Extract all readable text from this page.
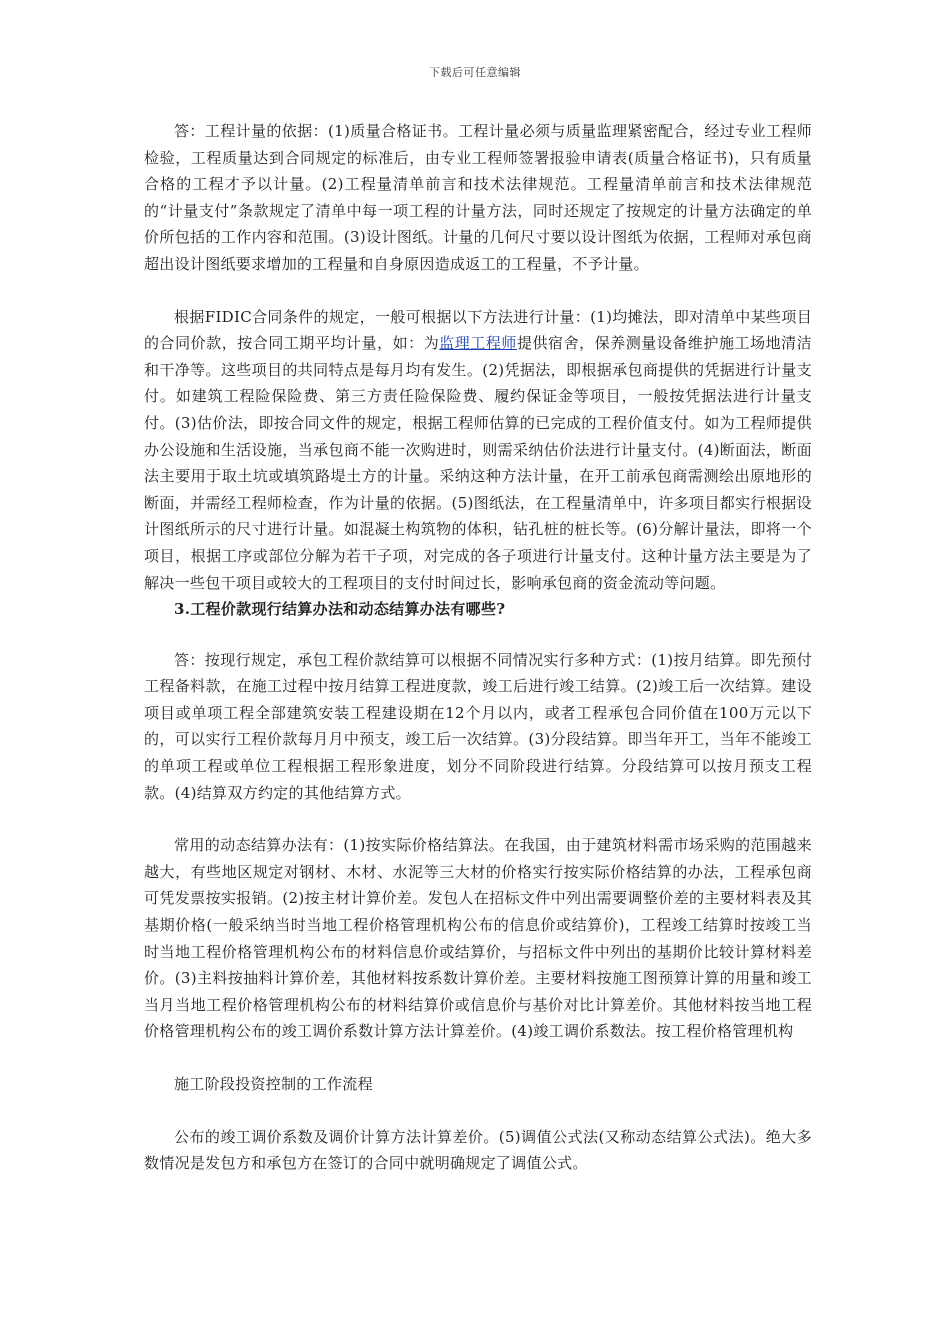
下载后可任意编辑

答：工程计量的依据：(1)质量合格证书。工程计量必须与质量监理紧密配合，经过专业工程师检验，工程质量达到合同规定的标准后，由专业工程师签署报验申请表(质量合格证书)，只有质量合格的工程才予以计量。(2)工程量清单前言和技术法律规范。工程量清单前言和技术法律规范的“计量支付”条款规定了清单中每一项工程的计量方法，同时还规定了按规定的计量方法确定的单价所包括的工作内容和范围。(3)设计图纸。计量的几何尺寸要以设计图纸为依据，工程师对承包商超出设计图纸要求增加的工程量和自身原因造成返工的工程量，不予计量。

根据FIDIC合同条件的规定，一般可根据以下方法进行计量：(1)均摊法，即对清单中某些项目的合同价款，按合同工期平均计量，如：为监理工程师提供宿舍，保养测量设备维护施工场地清洁和干净等。这些项目的共同特点是每月均有发生。(2)凭据法，即根据承包商提供的凭据进行计量支付。如建筑工程险保险费、第三方责任险保险费、履约保证金等项目，一般按凭据法进行计量支付。(3)估价法，即按合同文件的规定，根据工程师估算的已完成的工程价值支付。如为工程师提供办公设施和生活设施，当承包商不能一次购进时，则需采纳估价法进行计量支付。(4)断面法，断面法主要用于取土坑或填筑路堤土方的计量。采纳这种方法计量，在开工前承包商需测绘出原地形的断面，并需经工程师检查，作为计量的依据。(5)图纸法，在工程量清单中，许多项目都实行根据设计图纸所示的尺寸进行计量。如混凝土构筑物的体积，钻孔桩的桩长等。(6)分解计量法，即将一个项目，根据工序或部位分解为若干子项，对完成的各子项进行计量支付。这种计量方法主要是为了解决一些包干项目或较大的工程项目的支付时间过长，影响承包商的资金流动等问题。

3.工程价款现行结算办法和动态结算办法有哪些?

答：按现行规定，承包工程价款结算可以根据不同情况实行多种方式：(1)按月结算。即先预付工程备料款，在施工过程中按月结算工程进度款，竣工后进行竣工结算。(2)竣工后一次结算。建设项目或单项工程全部建筑安装工程建设期在12个月以内，或者工程承包合同价值在100万元以下的，可以实行工程价款每月月中预支，竣工后一次结算。(3)分段结算。即当年开工，当年不能竣工的单项工程或单位工程根据工程形象进度，划分不同阶段进行结算。分段结算可以按月预支工程款。(4)结算双方约定的其他结算方式。

常用的动态结算办法有：(1)按实际价格结算法。在我国，由于建筑材料需市场采购的范围越来越大，有些地区规定对钢材、木材、水泥等三大材的价格实行按实际价格结算的办法，工程承包商可凭发票按实报销。(2)按主材计算价差。发包人在招标文件中列出需要调整价差的主要材料表及其基期价格(一般采纳当时当地工程价格管理机构公布的信息价或结算价)，工程竣工结算时按竣工当时当地工程价格管理机构公布的材料信息价或结算价，与招标文件中列出的基期价比较计算材料差价。(3)主料按抽料计算价差，其他材料按系数计算价差。主要材料按施工图预算计算的用量和竣工当月当地工程价格管理机构公布的材料结算价或信息价与基价对比计算差价。其他材料按当地工程价格管理机构公布的竣工调价系数计算方法计算差价。(4)竣工调价系数法。按工程价格管理机构

施工阶段投资控制的工作流程

公布的竣工调价系数及调价计算方法计算差价。(5)调值公式法(又称动态结算公式法)。绝大多数情况是发包方和承包方在签订的合同中就明确规定了调值公式。
